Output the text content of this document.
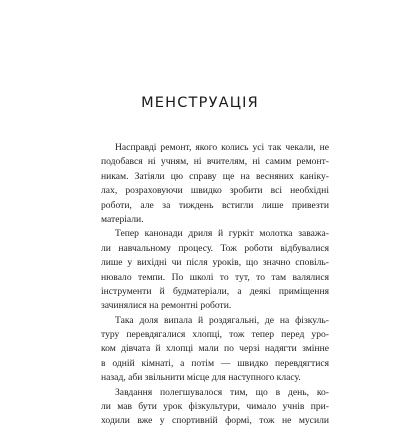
МЕНСТРУАЦІЯ
Насправді ремонт, якого колись усі так чекали, не
подобався ні учням, ні вчителям, ні самим ремонт-
никам. Затіяли цю справу ще на весняних каніку-
лах, розраховуючи швидко зробити всі необхідні
роботи, але за тиждень встигли лише привезти
матеріали.
Тепер канонади дриля й гуркіт молотка заважа-
ли навчальному процесу. Тож роботи відбувалися
лише у вихідні чи після уроків, що значно сповіль-
нювало темпи. По школі то тут, то там валялися
інструменти й будматеріали, а деякі приміщення
зачинялися на ремонтні роботи.
Така доля випала й роздягальні, де на фізкуль-
туру перевдягалися хлопці, тож тепер перед уро-
ком дівчата й хлопці мали по черзі надягти змінне
в одній кімнаті, а потім — швидко перевдягтися
назад, аби звільнити місце для наступного класу.
Завдання полегшувалося тим, що в день, ко-
ли мав бути урок фізкультури, чимало учнів при-
ходили вже у спортивній формі, тож не мусили
